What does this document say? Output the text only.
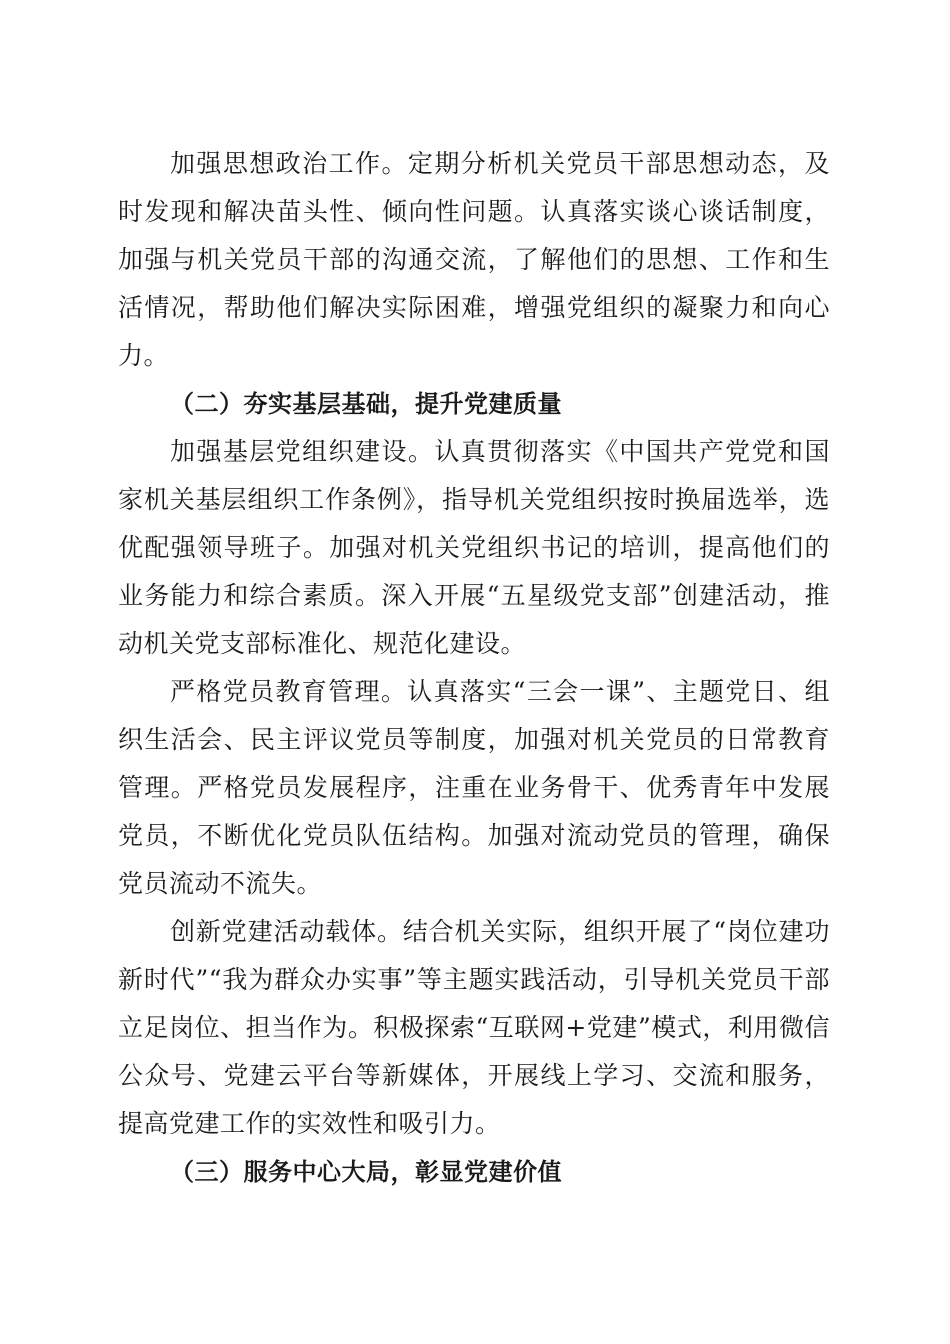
加强思想政治工作。定期分析机关党员干部思想动态，及时发现和解决苗头性、倾向性问题。认真落实谈心谈话制度，加强与机关党员干部的沟通交流，了解他们的思想、工作和生活情况，帮助他们解决实际困难，增强党组织的凝聚力和向心力。

（二）夯实基层基础，提升党建质量

加强基层党组织建设。认真贯彻落实《中国共产党党和国家机关基层组织工作条例》，指导机关党组织按时换届选举，选优配强领导班子。加强对机关党组织书记的培训，提高他们的业务能力和综合素质。深入开展“五星级党支部”创建活动，推动机关党支部标准化、规范化建设。

严格党员教育管理。认真落实“三会一课”、主题党日、组织生活会、民主评议党员等制度，加强对机关党员的日常教育管理。严格党员发展程序，注重在业务骨干、优秀青年中发展党员，不断优化党员队伍结构。加强对流动党员的管理，确保党员流动不流失。

创新党建活动载体。结合机关实际，组织开展了“岗位建功新时代”“我为群众办实事”等主题实践活动，引导机关党员干部立足岗位、担当作为。积极探索“互联网+党建”模式，利用微信公众号、党建云平台等新媒体，开展线上学习、交流和服务，提高党建工作的实效性和吸引力。

（三）服务中心大局，彰显党建价值
